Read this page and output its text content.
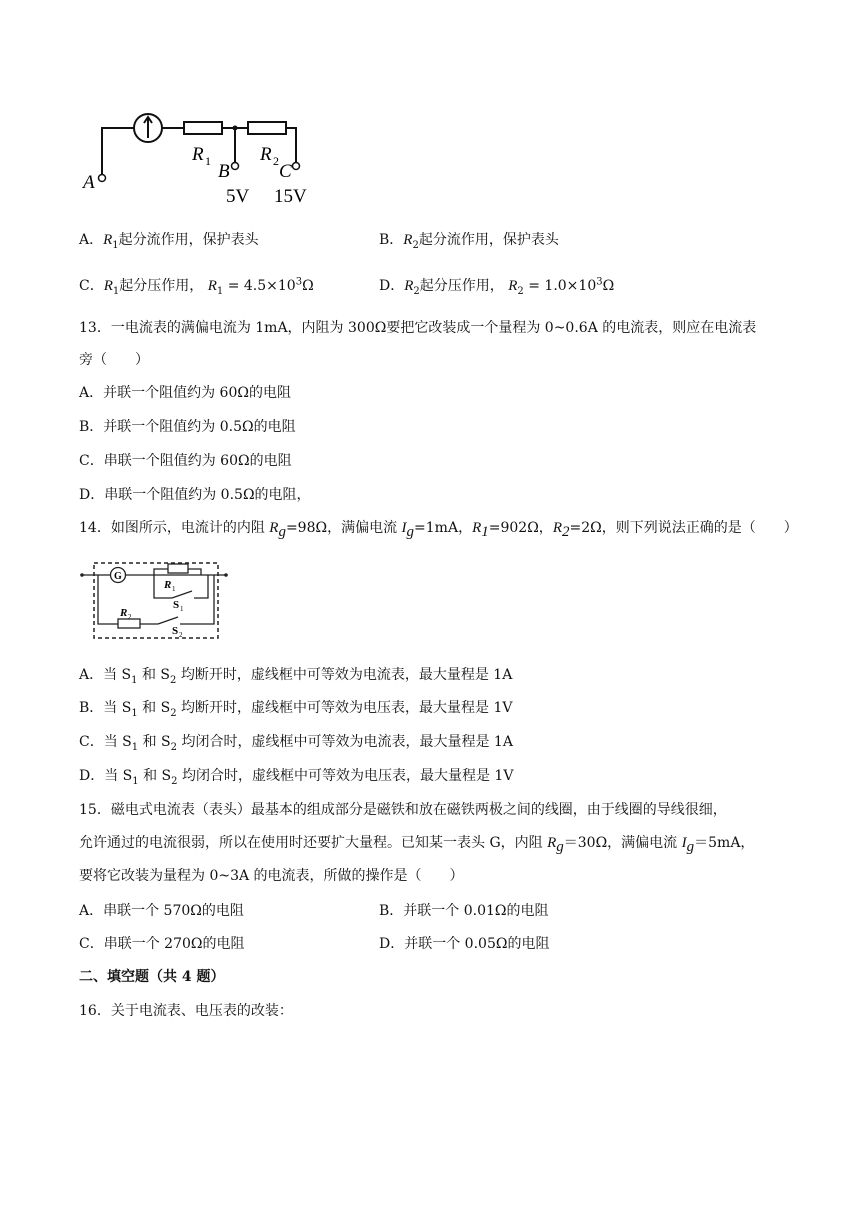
A
R 1 B
R 2 C
5V 15V
A．$R_1$起分流作用，保护表头	B．$R_2$起分流作用，保护表头
C．$R_1$起分压作用， $R_1 = 4.5\times 10^3\Omega$	D．$R_2$起分压作用， $R_2 = 1.0\times 10^3\Omega$
13．一电流表的满偏电流为 1mA，内阻为 300Ω要把它改装成一个量程为 0~0.6A 的电流表，则应在电流表
旁（　　）
A．并联一个阻值约为 60Ω的电阻
B．并联一个阻值约为 0.5Ω的电阻
C．串联一个阻值约为 60Ω的电阻
D．串联一个阻值约为 0.5Ω的电阻，
14．如图所示，电流计的内阻 $R_g=98\Omega$，满偏电流 $I_g=1mA$，$R_1=902\Omega$，$R_2=2\Omega$，则下列说法正确的是（　　）
G
R 1
S 1
R 2
S 2
A．当 $S_1$ 和 $S_2$ 均断开时，虚线框中可等效为电流表，最大量程是 1A
B．当 $S_1$ 和 $S_2$ 均断开时，虚线框中可等效为电压表，最大量程是 1V
C．当 $S_1$ 和 $S_2$ 均闭合时，虚线框中可等效为电流表，最大量程是 1A
D．当 $S_1$ 和 $S_2$ 均闭合时，虚线框中可等效为电压表，最大量程是 1V
15．磁电式电流表（表头）最基本的组成部分是磁铁和放在磁铁两极之间的线圈，由于线圈的导线很细，
允许通过的电流很弱，所以在使用时还要扩大量程。已知某一表头 G，内阻 $R_g=30\Omega$，满偏电流 $I_g=5mA$，
要将它改装为量程为 0~3A 的电流表，所做的操作是（　　）
A．串联一个 570Ω的电阻	B．并联一个 0.01Ω的电阻
C．串联一个 270Ω的电阻	D．并联一个 0.05Ω的电阻
二、填空题（共 4 题）
16．关于电流表、电压表的改装：
